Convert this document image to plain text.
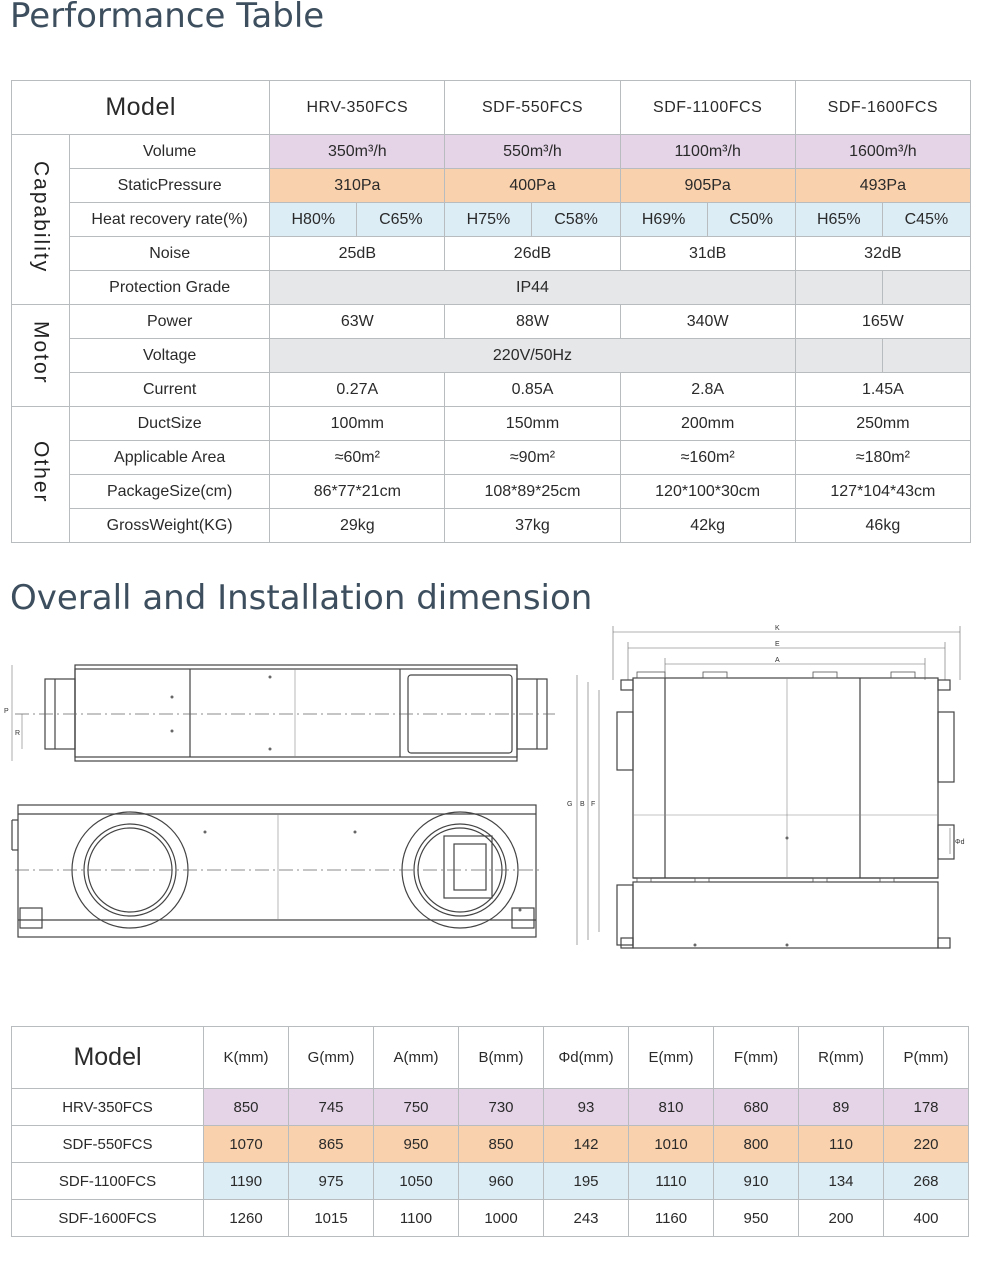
Performance Table
Model		HRV-350FCS		SDF-550FCS		SDF-1100FCS		SDF-1600FCS	
Capability	Volume	350m³/h		550m³/h		1100m³/h		1600m³/h	
	StaticPressure	310Pa		400Pa		905Pa		493Pa	
	Heat recovery rate(%)	H80%	C65%	H75%	C58%	H69%	C50%	H65%	C45%
	Noise	25dB		26dB		31dB		32dB	
	Protection Grade	IP44							
Motor	Power	63W		88W		340W		165W	
	Voltage	220V/50Hz							
	Current	0.27A		0.85A		2.8A		1.45A	
Other	DuctSize	100mm		150mm		200mm		250mm	
	Applicable Area	≈60m²		≈90m²		≈160m²		≈180m²	
	PackageSize(cm)	86*77*21cm		108*89*25cm		120*100*30cm		127*104*43cm	
	GrossWeight(KG)	29kg		37kg		42kg		46kg	
Overall and Installation dimension
P
R
K
E
A
G B F
Φd
Model	K(mm)	G(mm)	A(mm)	B(mm)	Φd(mm)	E(mm)	F(mm)	R(mm)	P(mm)
HRV-350FCS	850	745	750	730	93	810	680	89	178
SDF-550FCS	1070	865	950	850	142	1010	800	110	220
SDF-1100FCS	1190	975	1050	960	195	1110	910	134	268
SDF-1600FCS	1260	1015	1100	1000	243	1160	950	200	400
